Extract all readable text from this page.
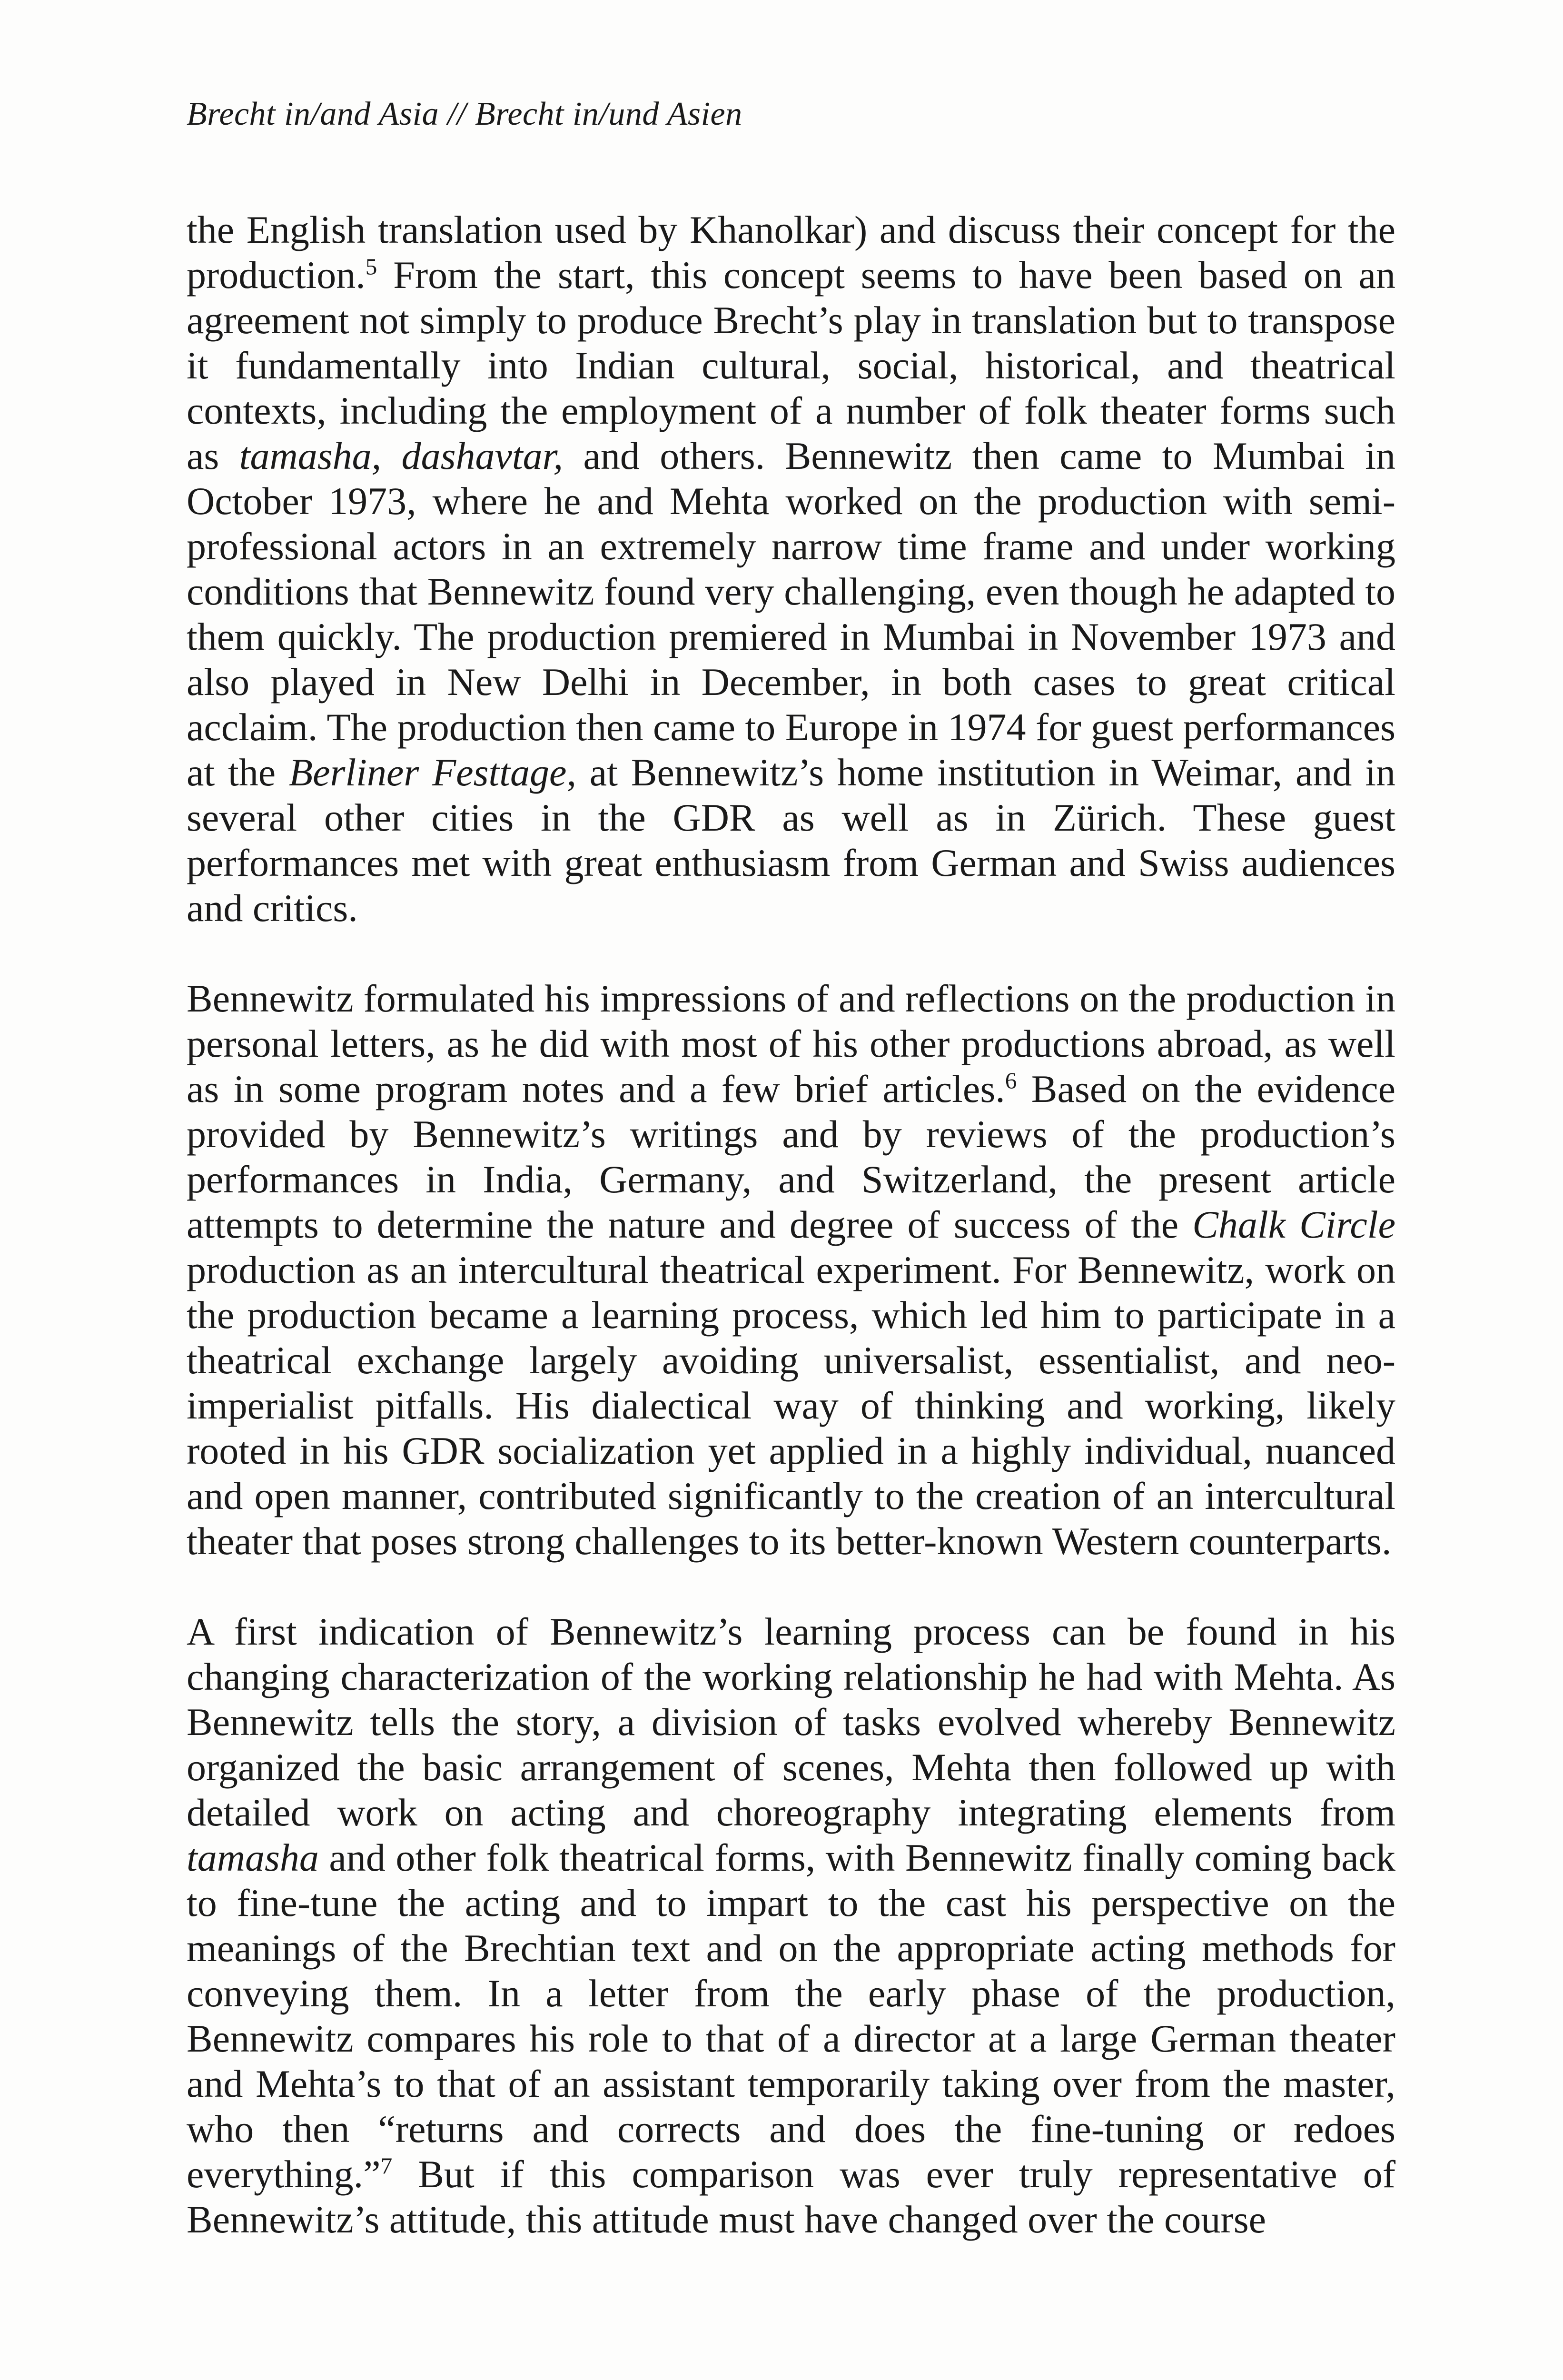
Brecht in/and Asia // Brecht in/und Asien

the English translation used by Khanolkar) and discuss their concept for the production.$^5$ From the start, this concept seems to have been based on an agreement not simply to produce Brecht’s play in translation but to transpose it fundamentally into Indian cultural, social, historical, and theatrical contexts, including the employment of a number of folk theater forms such as tamasha, dashavtar, and others. Bennewitz then came to Mumbai in October 1973, where he and Mehta worked on the production with semi-professional actors in an extremely narrow time frame and under working conditions that Bennewitz found very challenging, even though he adapted to them quickly. The production premiered in Mumbai in November 1973 and also played in New Delhi in December, in both cases to great critical acclaim. The production then came to Europe in 1974 for guest performances at the Berliner Festtage, at Bennewitz’s home institution in Weimar, and in several other cities in the GDR as well as in Zürich. These guest performances met with great enthusiasm from German and Swiss audiences and critics.

Bennewitz formulated his impressions of and reflections on the production in personal letters, as he did with most of his other productions abroad, as well as in some program notes and a few brief articles.$^6$ Based on the evidence provided by Bennewitz’s writings and by reviews of the production’s performances in India, Germany, and Switzerland, the present article attempts to determine the nature and degree of success of the Chalk Circle production as an intercultural theatrical experiment. For Bennewitz, work on the production became a learning process, which led him to participate in a theatrical exchange largely avoiding universalist, essentialist, and neo-imperialist pitfalls. His dialectical way of thinking and working, likely rooted in his GDR socialization yet applied in a highly individual, nuanced and open manner, contributed significantly to the creation of an intercultural theater that poses strong challenges to its better-known Western counterparts.

A first indication of Bennewitz’s learning process can be found in his changing characterization of the working relationship he had with Mehta. As Bennewitz tells the story, a division of tasks evolved whereby Bennewitz organized the basic arrangement of scenes, Mehta then followed up with detailed work on acting and choreography integrating elements from tamasha and other folk theatrical forms, with Bennewitz finally coming back to fine-tune the acting and to impart to the cast his perspective on the meanings of the Brechtian text and on the appropriate acting methods for conveying them. In a letter from the early phase of the production, Bennewitz compares his role to that of a director at a large German theater and Mehta’s to that of an assistant temporarily taking over from the master, who then “returns and corrects and does the fine-tuning or redoes everything.”$^7$ But if this comparison was ever truly representative of Bennewitz’s attitude, this attitude must have changed over the course
